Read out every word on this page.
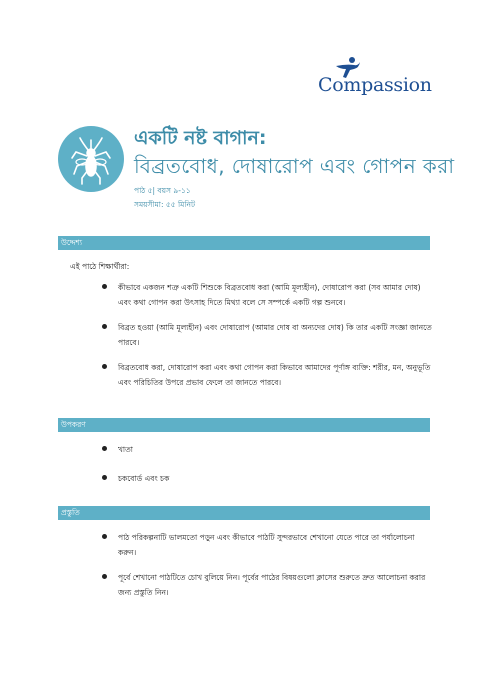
Compassion
একটি নষ্ট বাগান:
বিব্রতবোধ, দোষারোপ এবং গোপন করা
পাঠ ৫| বয়স ৯-১১
সময়সীমা: ৫৫ মিনিট
উদ্দেশ্য
এই পাঠে শিক্ষার্থীরা:
কীভাবে একজন শত্রু একটি শিশুকে বিব্রতবোধ করা (আমি মূল্যহীন), দোষারোপ করা (সব আমার দোষ) এবং কথা গোপন করা উৎসাহ দিতে মিথ্যা বলে সে সম্পর্কে একটি গল্প শুনবে।
বিব্রত হওয়া (আমি মূল্যহীন) এবং দোষারোপ (আমার দোষ বা অন্যদের দোষ) কি তার একটি সংজ্ঞা জানতে পারবে।
বিব্রতবোধ করা, দোষারোপ করা এবং কথা গোপন করা কিভাবে আমাদের পূর্ণাঙ্গ ব্যক্তি: শরীর, মন, অনুভূতি এবং পরিচিতির উপরে প্রভাব ফেলে তা জানতে পারবে।
উপকরণ
খাতা
চকবোর্ড এবং চক
প্রস্তুতি
পাঠ পরিকল্পনাটি ভালমতো পড়ুন এবং কীভাবে পাঠটি সুন্দরভাবে শেখানো যেতে পারে তা পর্যালোচনা করুন।
পূর্বে শেখানো পাঠটিতে চোখ বুলিয়ে নিন। পূর্বের পাঠের বিষয়গুলো ক্লাসের শুরুতে দ্রুত আলোচনা করার জন্য প্রস্তুতি নিন।
